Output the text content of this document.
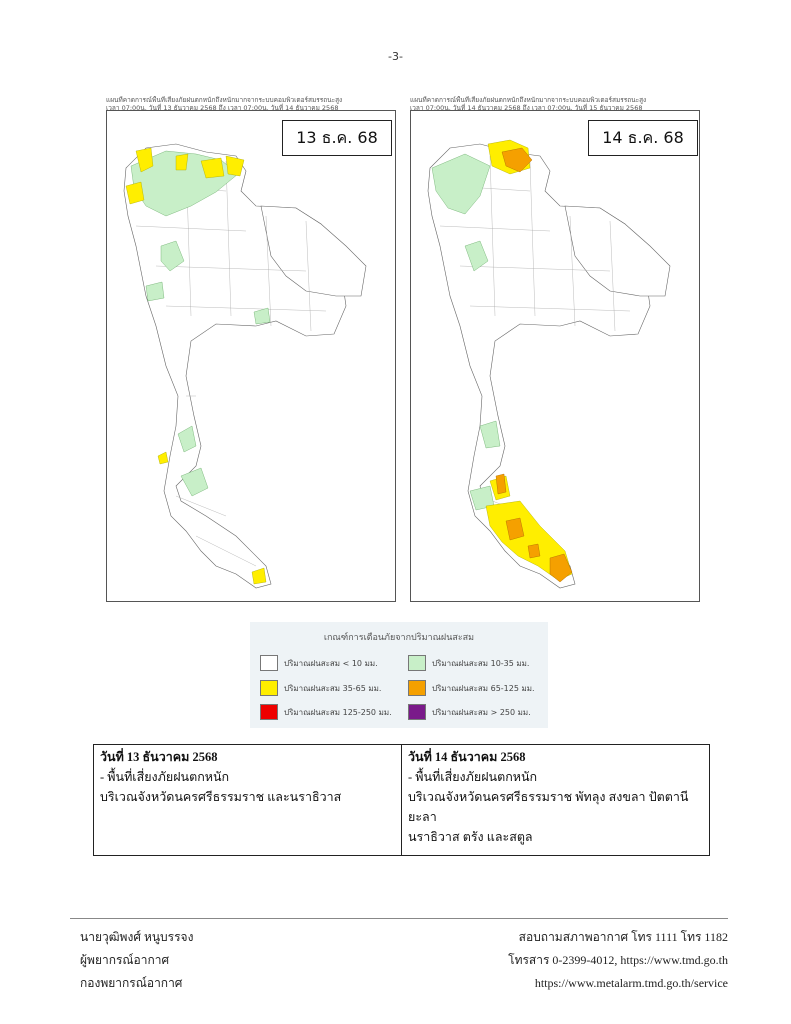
-3-
แผนที่คาดการณ์พื้นที่เสี่ยงภัยฝนตกหนักถึงหนักมากจากระบบคอมพิวเตอร์สมรรถนะสูง
เวลา 07:00น. วันที่ 13 ธันวาคม 2568 ถึง เวลา 07:00น. วันที่ 14 ธันวาคม 2568
13 ธ.ค. 68
แผนที่คาดการณ์พื้นที่เสี่ยงภัยฝนตกหนักถึงหนักมากจากระบบคอมพิวเตอร์สมรรถนะสูง
เวลา 07:00น. วันที่ 14 ธันวาคม 2568 ถึง เวลา 07:00น. วันที่ 15 ธันวาคม 2568
14 ธ.ค. 68
เกณฑ์การเตือนภัยจากปริมาณฝนสะสม
ปริมาณฝนสะสม < 10 มม.	ปริมาณฝนสะสม 10-35 มม.
ปริมาณฝนสะสม 35-65 มม.	ปริมาณฝนสะสม 65-125 มม.
ปริมาณฝนสะสม 125-250 มม.	ปริมาณฝนสะสม > 250 มม.
วันที่ 13 ธันวาคม 2568
- พื้นที่เสี่ยงภัยฝนตกหนัก
บริเวณจังหวัดนครศรีธรรมราช และนราธิวาส

วันที่ 14 ธันวาคม 2568
- พื้นที่เสี่ยงภัยฝนตกหนัก
บริเวณจังหวัดนครศรีธรรมราช พัทลุง สงขลา ปัตตานี ยะลา
นราธิวาส ตรัง และสตูล
นายวุฒิพงศ์ หนูบรรจง
ผู้พยากรณ์อากาศ
กองพยากรณ์อากาศ
สอบถามสภาพอากาศ โทร 1111 โทร 1182
โทรสาร 0-2399-4012, https://www.tmd.go.th
https://www.metalarm.tmd.go.th/service
